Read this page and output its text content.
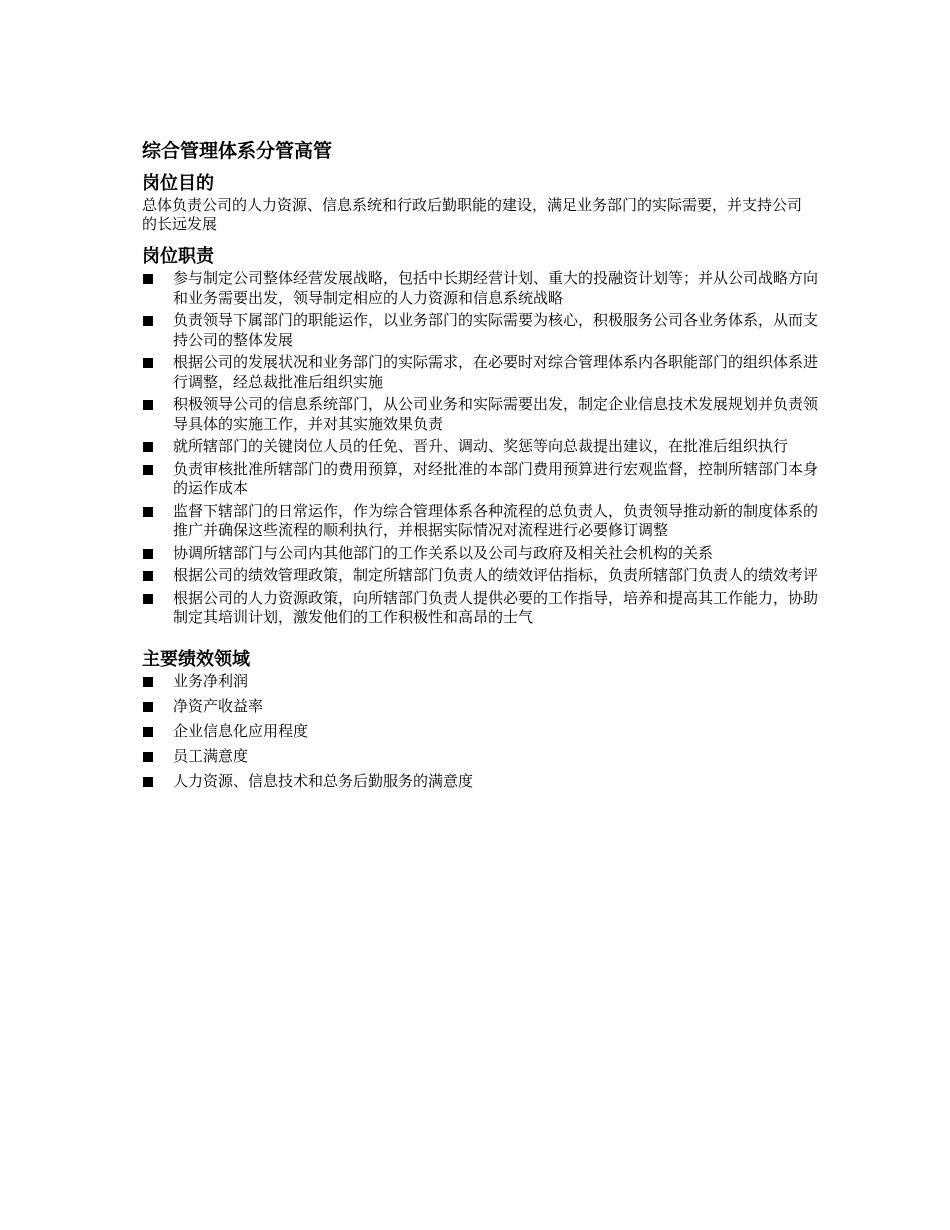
综合管理体系分管高管
岗位目的

总体负责公司的人力资源、信息系统和行政后勤职能的建设，满足业务部门的实际需要，并支持公司的长远发展

岗位职责
参与制定公司整体经营发展战略，包括中长期经营计划、重大的投融资计划等；并从公司战略方向和业务需要出发，领导制定相应的人力资源和信息系统战略
负责领导下属部门的职能运作，以业务部门的实际需要为核心，积极服务公司各业务体系，从而支持公司的整体发展
根据公司的发展状况和业务部门的实际需求，在必要时对综合管理体系内各职能部门的组织体系进行调整，经总裁批准后组织实施
积极领导公司的信息系统部门，从公司业务和实际需要出发，制定企业信息技术发展规划并负责领导具体的实施工作，并对其实施效果负责
就所辖部门的关键岗位人员的任免、晋升、调动、奖惩等向总裁提出建议，在批准后组织执行
负责审核批准所辖部门的费用预算，对经批准的本部门费用预算进行宏观监督，控制所辖部门本身的运作成本
监督下辖部门的日常运作，作为综合管理体系各种流程的总负责人，负责领导推动新的制度体系的推广并确保这些流程的顺利执行，并根据实际情况对流程进行必要修订调整
协调所辖部门与公司内其他部门的工作关系以及公司与政府及相关社会机构的关系
根据公司的绩效管理政策，制定所辖部门负责人的绩效评估指标，负责所辖部门负责人的绩效考评
根据公司的人力资源政策，向所辖部门负责人提供必要的工作指导，培养和提高其工作能力，协助制定其培训计划，激发他们的工作积极性和高昂的士气
主要绩效领域
业务净利润
净资产收益率
企业信息化应用程度
员工满意度
人力资源、信息技术和总务后勤服务的满意度
